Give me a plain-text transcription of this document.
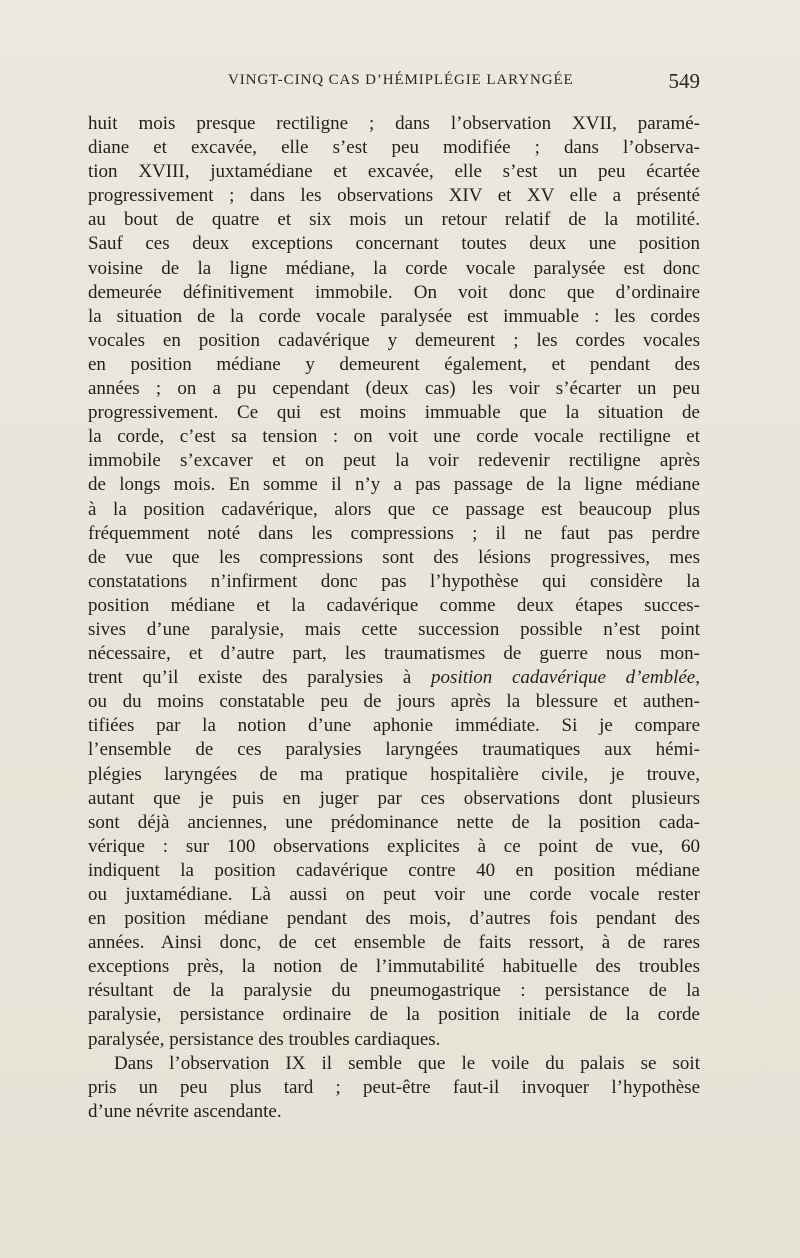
VINGT-CINQ CAS D’HÉMIPLÉGIE LARYNGÉE	549
huit mois presque rectiligne ; dans l’observation XVII, paramé-
diane et excavée, elle s’est peu modifiée ; dans l’observa-
tion XVIII, juxtamédiane et excavée, elle s’est un peu écartée
progressivement ; dans les observations XIV et XV elle a présenté
au bout de quatre et six mois un retour relatif de la motilité.
Sauf ces deux exceptions concernant toutes deux une position
voisine de la ligne médiane, la corde vocale paralysée est donc
demeurée définitivement immobile. On voit donc que d’ordinaire
la situation de la corde vocale paralysée est immuable : les cordes
vocales en position cadavérique y demeurent ; les cordes vocales
en position médiane y demeurent également, et pendant des
années ; on a pu cependant (deux cas) les voir s’écarter un peu
progressivement. Ce qui est moins immuable que la situation de
la corde, c’est sa tension : on voit une corde vocale rectiligne et
immobile s’excaver et on peut la voir redevenir rectiligne après
de longs mois. En somme il n’y a pas passage de la ligne médiane
à la position cadavérique, alors que ce passage est beaucoup plus
fréquemment noté dans les compressions ; il ne faut pas perdre
de vue que les compressions sont des lésions progressives, mes
constatations n’infirment donc pas l’hypothèse qui considère la
position médiane et la cadavérique comme deux étapes succes-
sives d’une paralysie, mais cette succession possible n’est point
nécessaire, et d’autre part, les traumatismes de guerre nous mon-
trent qu’il existe des paralysies à position cadavérique d’emblée,
ou du moins constatable peu de jours après la blessure et authen-
tifiées par la notion d’une aphonie immédiate. Si je compare
l’ensemble de ces paralysies laryngées traumatiques aux hémi-
plégies laryngées de ma pratique hospitalière civile, je trouve,
autant que je puis en juger par ces observations dont plusieurs
sont déjà anciennes, une prédominance nette de la position cada-
vérique : sur 100 observations explicites à ce point de vue, 60
indiquent la position cadavérique contre 40 en position médiane
ou juxtamédiane. Là aussi on peut voir une corde vocale rester
en position médiane pendant des mois, d’autres fois pendant des
années. Ainsi donc, de cet ensemble de faits ressort, à de rares
exceptions près, la notion de l’immutabilité habituelle des troubles
résultant de la paralysie du pneumogastrique : persistance de la
paralysie, persistance ordinaire de la position initiale de la corde
paralysée, persistance des troubles cardiaques.
Dans l’observation IX il semble que le voile du palais se soit
pris un peu plus tard ; peut-être faut-il invoquer l’hypothèse
d’une névrite ascendante.
